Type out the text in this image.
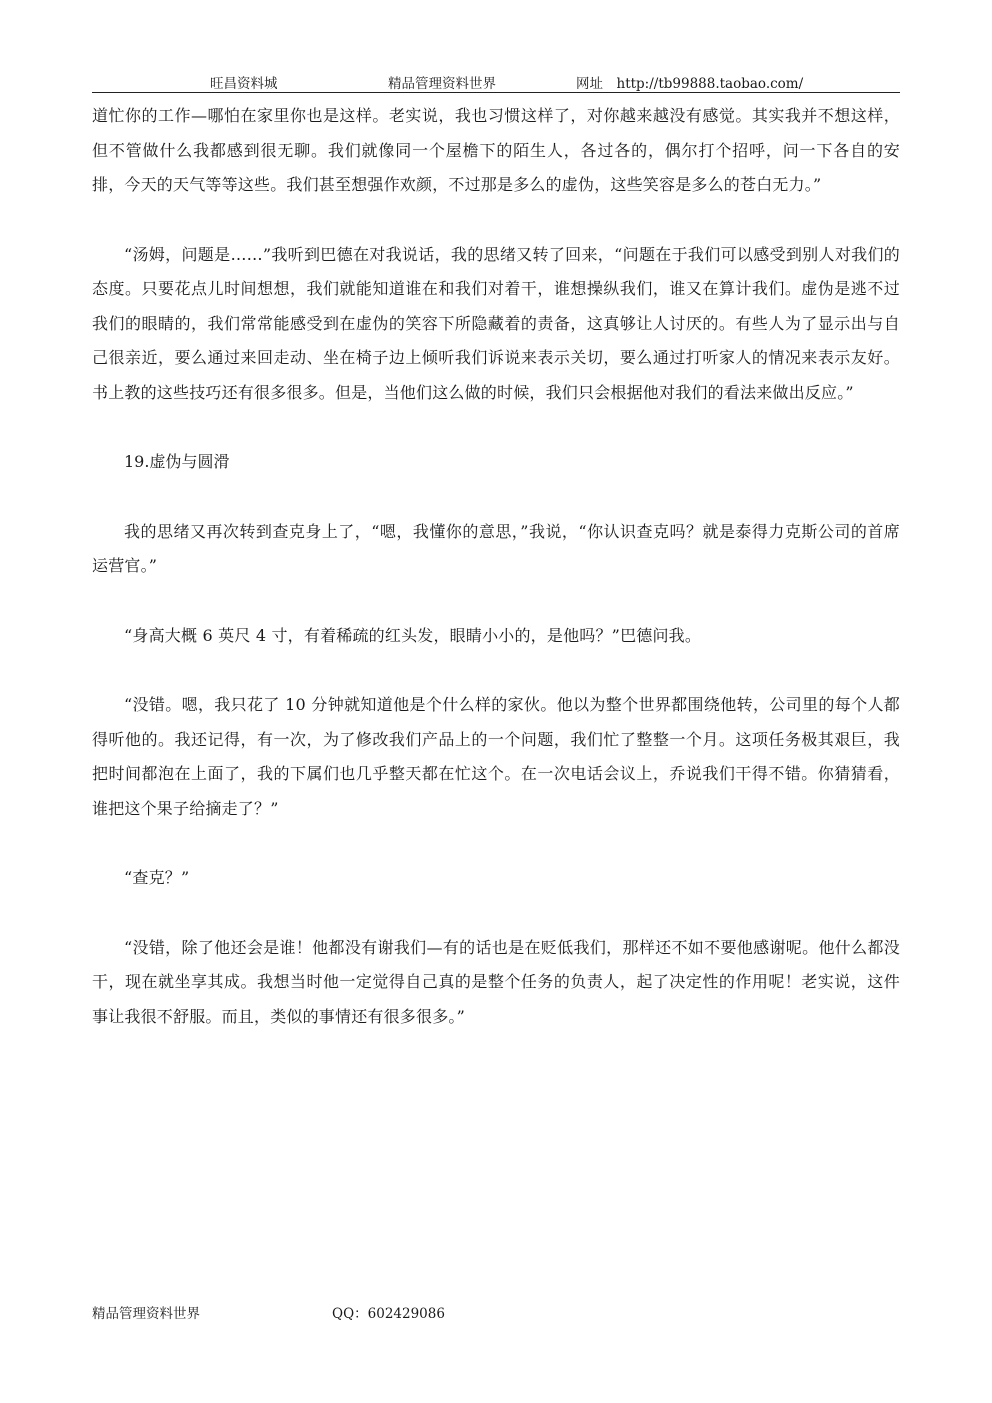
旺昌资料城	精品管理资料世界	网址　http://tb99888.taobao.com/

道忙你的工作—哪怕在家里你也是这样。老实说，我也习惯这样了，对你越来越没有感觉。其实我并不想这样，但不管做什么我都感到很无聊。我们就像同一个屋檐下的陌生人，各过各的，偶尔打个招呼，问一下各自的安排，今天的天气等等这些。我们甚至想强作欢颜，不过那是多么的虚伪，这些笑容是多么的苍白无力。”

“汤姆，问题是……”我听到巴德在对我说话，我的思绪又转了回来，“问题在于我们可以感受到别人对我们的态度。只要花点儿时间想想，我们就能知道谁在和我们对着干，谁想操纵我们，谁又在算计我们。虚伪是逃不过我们的眼睛的，我们常常能感受到在虚伪的笑容下所隐藏着的责备，这真够让人讨厌的。有些人为了显示出与自己很亲近，要么通过来回走动、坐在椅子边上倾听我们诉说来表示关切，要么通过打听家人的情况来表示友好。书上教的这些技巧还有很多很多。但是，当他们这么做的时候，我们只会根据他对我们的看法来做出反应。”

19.虚伪与圆滑

我的思绪又再次转到查克身上了，“嗯，我懂你的意思，”我说，“你认识查克吗？就是泰得力克斯公司的首席运营官。”

“身高大概 6 英尺 4 寸，有着稀疏的红头发，眼睛小小的，是他吗？”巴德问我。

“没错。嗯，我只花了 10 分钟就知道他是个什么样的家伙。他以为整个世界都围绕他转，公司里的每个人都得听他的。我还记得，有一次，为了修改我们产品上的一个问题，我们忙了整整一个月。这项任务极其艰巨，我把时间都泡在上面了，我的下属们也几乎整天都在忙这个。在一次电话会议上，乔说我们干得不错。你猜猜看，谁把这个果子给摘走了？”

“查克？”

“没错，除了他还会是谁！他都没有谢我们—有的话也是在贬低我们，那样还不如不要他感谢呢。他什么都没干，现在就坐享其成。我想当时他一定觉得自己真的是整个任务的负责人，起了决定性的作用呢！老实说，这件事让我很不舒服。而且，类似的事情还有很多很多。”

精品管理资料世界	QQ：602429086
